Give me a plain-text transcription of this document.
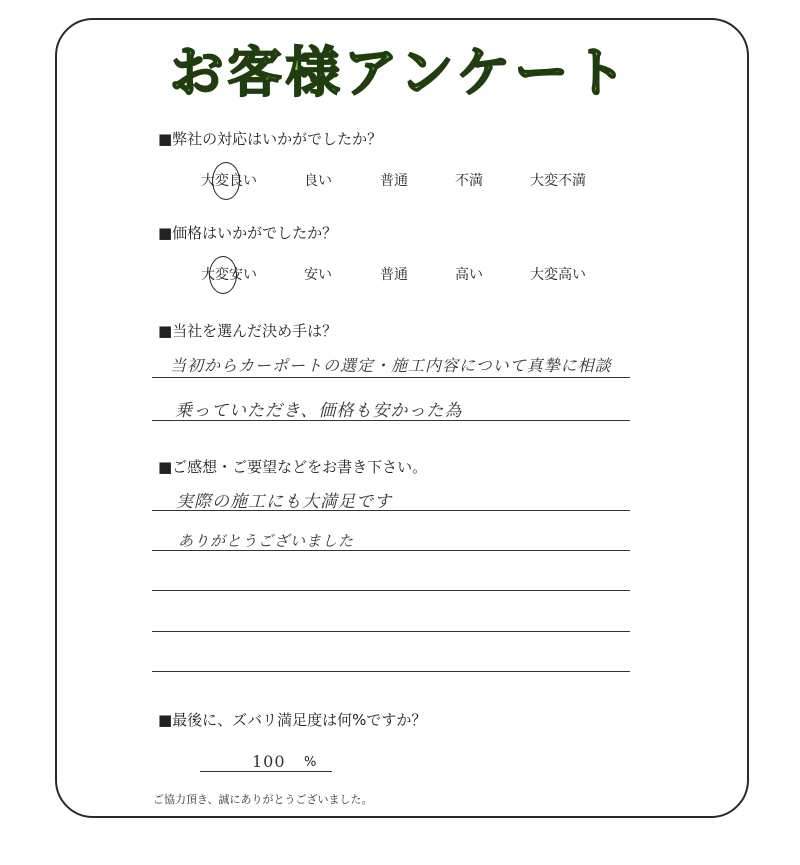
お客様アンケート
■弊社の対応はいかがでしたか？
大変良い	良い	普通	不満	大変不満
■価格はいかがでしたか？
大変安い	安い	普通	高い	大変高い
■当社を選んだ決め手は？
当初からカーポートの選定・施工内容について真摯に相談
乗っていただき、価格も安かった為
■ご感想・ご要望などをお書き下さい。
実際の施工にも大満足です
ありがとうございました
■最後に、ズバリ満足度は何%ですか？
100 %
ご協力頂き、誠にありがとうございました。
